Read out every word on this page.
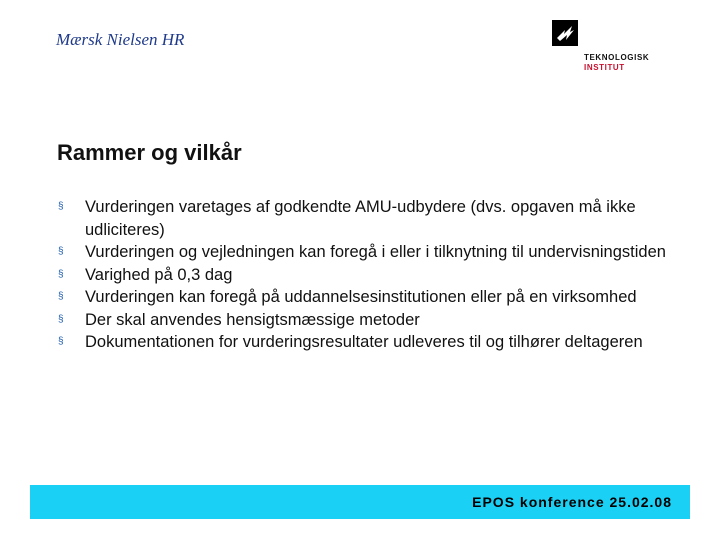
Mærsk Nielsen HR
TEKNOLOGISK
INSTITUT
Rammer og vilkår
§ Vurderingen varetages af godkendte AMU-udbydere (dvs. opgaven må ikke udliciteres)
§ Vurderingen og vejledningen kan foregå i eller i tilknytning til undervisningstiden
§ Varighed på 0,3 dag
§ Vurderingen kan foregå på uddannelsesinstitutionen eller på en virksomhed
§ Der skal anvendes hensigtsmæssige metoder
§ Dokumentationen for vurderingsresultater udleveres til og tilhører deltageren
EPOS konference 25.02.08
